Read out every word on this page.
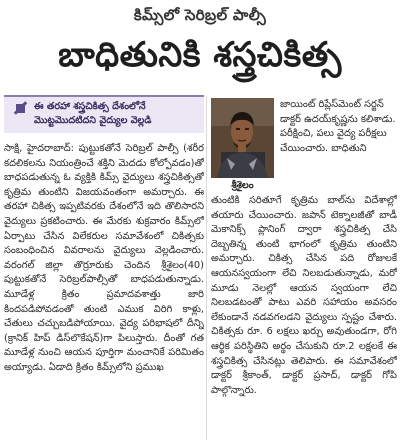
కిమ్స్‌లో సెరిబ్రల్ పాల్సీ
బాధితునికి శస్త్రచికిత్స
ఈ తరహా శస్త్రచికిత్స దేశంలోనే మొట్టమొదటిదని వైద్యుల వెల్లడి

సాక్షి, హైదరాబాద్: పుట్టుకతోనే సెరిబ్రల్ పాల్సీ (శరీర కదలికలను నియంత్రించే శక్తిని మెదడు కోల్పోవడం)తో బాధపడుతున్న ఓ వ్యక్తికి కిమ్స్ వైద్యులు శస్త్రచికిత్సతో కృత్రిమ తుంటిని విజయవంతంగా అమర్చారు. ఈ తరహా చికిత్స ఇప్పటివరకు దేశంలోనే ఇది తొలిసారని వైద్యులు ప్రకటించారు. ఈ మేరకు శుక్రవారం కిమ్స్‌లో ఏర్పాటు చేసిన విలేకరుల సమావేశంలో చికిత్సకు సంబంధించిన వివరాలను వైద్యులు వెల్లడించారు. వరంగల్ జిల్లా తొర్రూరుకు చెందిన శ్రీశైలం(40) పుట్టుకతోనే సెరిబ్రల్‌పాల్సీతో బాధపడుతున్నాడు. మూడేళ్ల క్రితం ప్రమాదవశాత్తు జారి కిందపడిపోవడంతో తుంటి ఎముక విరిగి కాళ్లు, చేతులు చచ్చుబడిపోయాయి. వైద్య పరిభాషలో దీన్ని (క్రానిక్‌ హిప్ డిస్‌లొకేషన్)గా పిలుస్తారు. దీంతో గత మూడేళ్ల నుంచి ఆయన పూర్తిగా మంచానికే పరిమితం అయ్యాడు. ఏడాది క్రితం కిమ్స్‌లోని ప్రముఖ

శ్రీశైలం

జాయింట్ రిప్లేస్‌మెంట్ సర్జన్ డాక్టర్ ఉదయ్‌కృష్ణను కలిశాడు. పరీక్షించి, పలు వైద్య పరీక్షలు చేయించారు. బాధితుని

తుంటికి సరితూగే కృత్రిమ బాల్‌ను విదేశాల్లో తయారు చేయించారు. జపాన్‌ టెక్నాలజీతో బాడీ మెకానిక్స్ ప్లానింగ్ ద్వారా శస్త్రచికిత్స చేసి దెబ్బతిన్న తుంటి భాగంలో కృత్రిమ తుంటిని అమర్చారు. చికిత్స చేసిన పది రోజులకే ఆయనస్వయంగా లేచి నిలబడుతున్నాడు, మరో మూడు నెలల్లో ఆయన స్వయంగా లేచి నిలబడటంతో పాటు ఎవరి సహాయం అవసరం లేకుండానే నడవగలడని వైద్యులు స్పష్టం చేశారు. చికిత్సకు రూ. 6 లక్షలు ఖర్చు అవుతుండగా, రోగి ఆర్థిక పరిస్థితిని అర్థం చేసుకుని రూ.2 లక్షలకే ఈ శస్త్రచికిత్స చేసినట్లు తెలిపారు. ఈ సమావేశంలో డాక్టర్ శ్రీకాంత్, డాక్టర్ ప్రసాద్, డాక్టర్ గోపి పాల్గొన్నారు.
